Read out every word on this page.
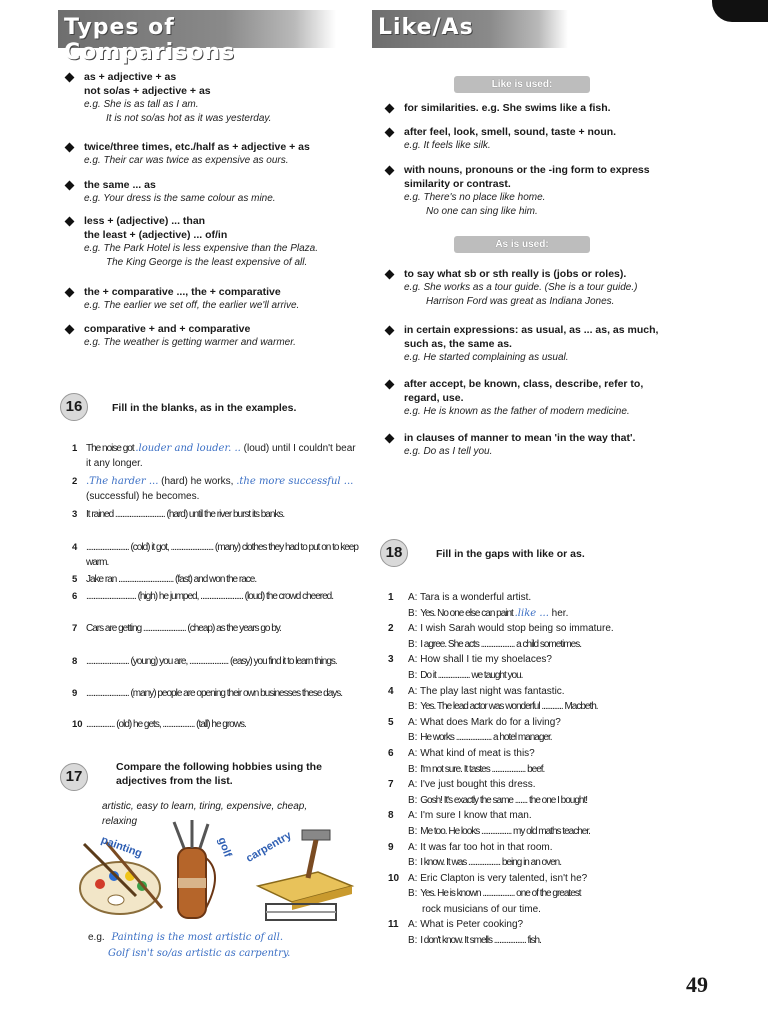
Types of Comparisons
Like/As
as + adjective + as
not so/as + adjective + as
e.g. She is as tall as I am.
It is not so/as hot as it was yesterday.
twice/three times, etc./half as + adjective + as
e.g. Their car was twice as expensive as ours.
the same ... as
e.g. Your dress is the same colour as mine.
less + (adjective) ... than
the least + (adjective) ... of/in
e.g. The Park Hotel is less expensive than the Plaza.
The King George is the least expensive of all.
the + comparative ..., the + comparative
e.g. The earlier we set off, the earlier we'll arrive.
comparative + and + comparative
e.g. The weather is getting warmer and warmer.
Like is used:
As is used:
for similarities. e.g. She swims like a fish.
after feel, look, smell, sound, taste + noun.
e.g. It feels like silk.
with nouns, pronouns or the -ing form to express
similarity or contrast.
e.g. There's no place like home.
No one can sing like him.
to say what sb or sth really is (jobs or roles).
e.g. She works as a tour guide. (She is a tour guide.)
Harrison Ford was great as Indiana Jones.
in certain expressions: as usual, as ... as, as much,
such as, the same as.
e.g. He started complaining as usual.
after accept, be known, class, describe, refer to,
regard, use.
e.g. He is known as the father of modern medicine.
in clauses of manner to mean 'in the way that'.
e.g. Do as I tell you.
16	Fill in the blanks, as in the examples.
1 The noise got .louder and louder. .. (loud) until I couldn't bear it any longer.
2 .The harder ... (hard) he works, .the more successful ... (successful) he becomes.
3 It rained ............................ (hard) until the river burst its banks.
4 ........................ (cold) it got, ........................ (many) clothes they had to put on to keep warm.
5 Jake ran ............................... (fast) and won the race.
6 ............................ (high) he jumped, ........................ (loud) the crowd cheered.
7 Cars are getting ........................ (cheap) as the years go by.
8 ........................ (young) you are, ...................... (easy) you find it to learn things.
9 ........................ (many) people are opening their own businesses these days.
10 ................ (old) he gets, .................. (tall) he grows.
17
Compare the following hobbies using the
adjectives from the list.
artistic, easy to learn, tiring, expensive, cheap,
relaxing
painting	golf carpentry
e.g. Painting is the most artistic of all.
Golf isn't so/as artistic as carpentry.
18	Fill in the gaps with like or as.
1 A: Tara is a wonderful artist.
B: Yes. No one else can paint .like ... her.
2 A: I wish Sarah would stop being so immature.
B: I agree. She acts ................... a child sometimes.
3 A: How shall I tie my shoelaces?
B: Do it .................. we taught you.
4 A: The play last night was fantastic.
B: Yes. The lead actor was wonderful ............ Macbeth.
5 A: What does Mark do for a living?
B: He works .................... a hotel manager.
6 A: What kind of meat is this?
B: I'm not sure. It tastes ................... beef.
7 A: I've just bought this dress.
B: Gosh! It's exactly the same ....... the one I bought!
8 A: I'm sure I know that man.
B: Me too. He looks ................. my old maths teacher.
9 A: It was far too hot in that room.
B: I know. It was .................. being in an oven.
10 A: Eric Clapton is very talented, isn't he?
B: Yes. He is known .................. one of the greatest
rock musicians of our time.
11 A: What is Peter cooking?
B: I don't know. It smells .................. fish.
49
